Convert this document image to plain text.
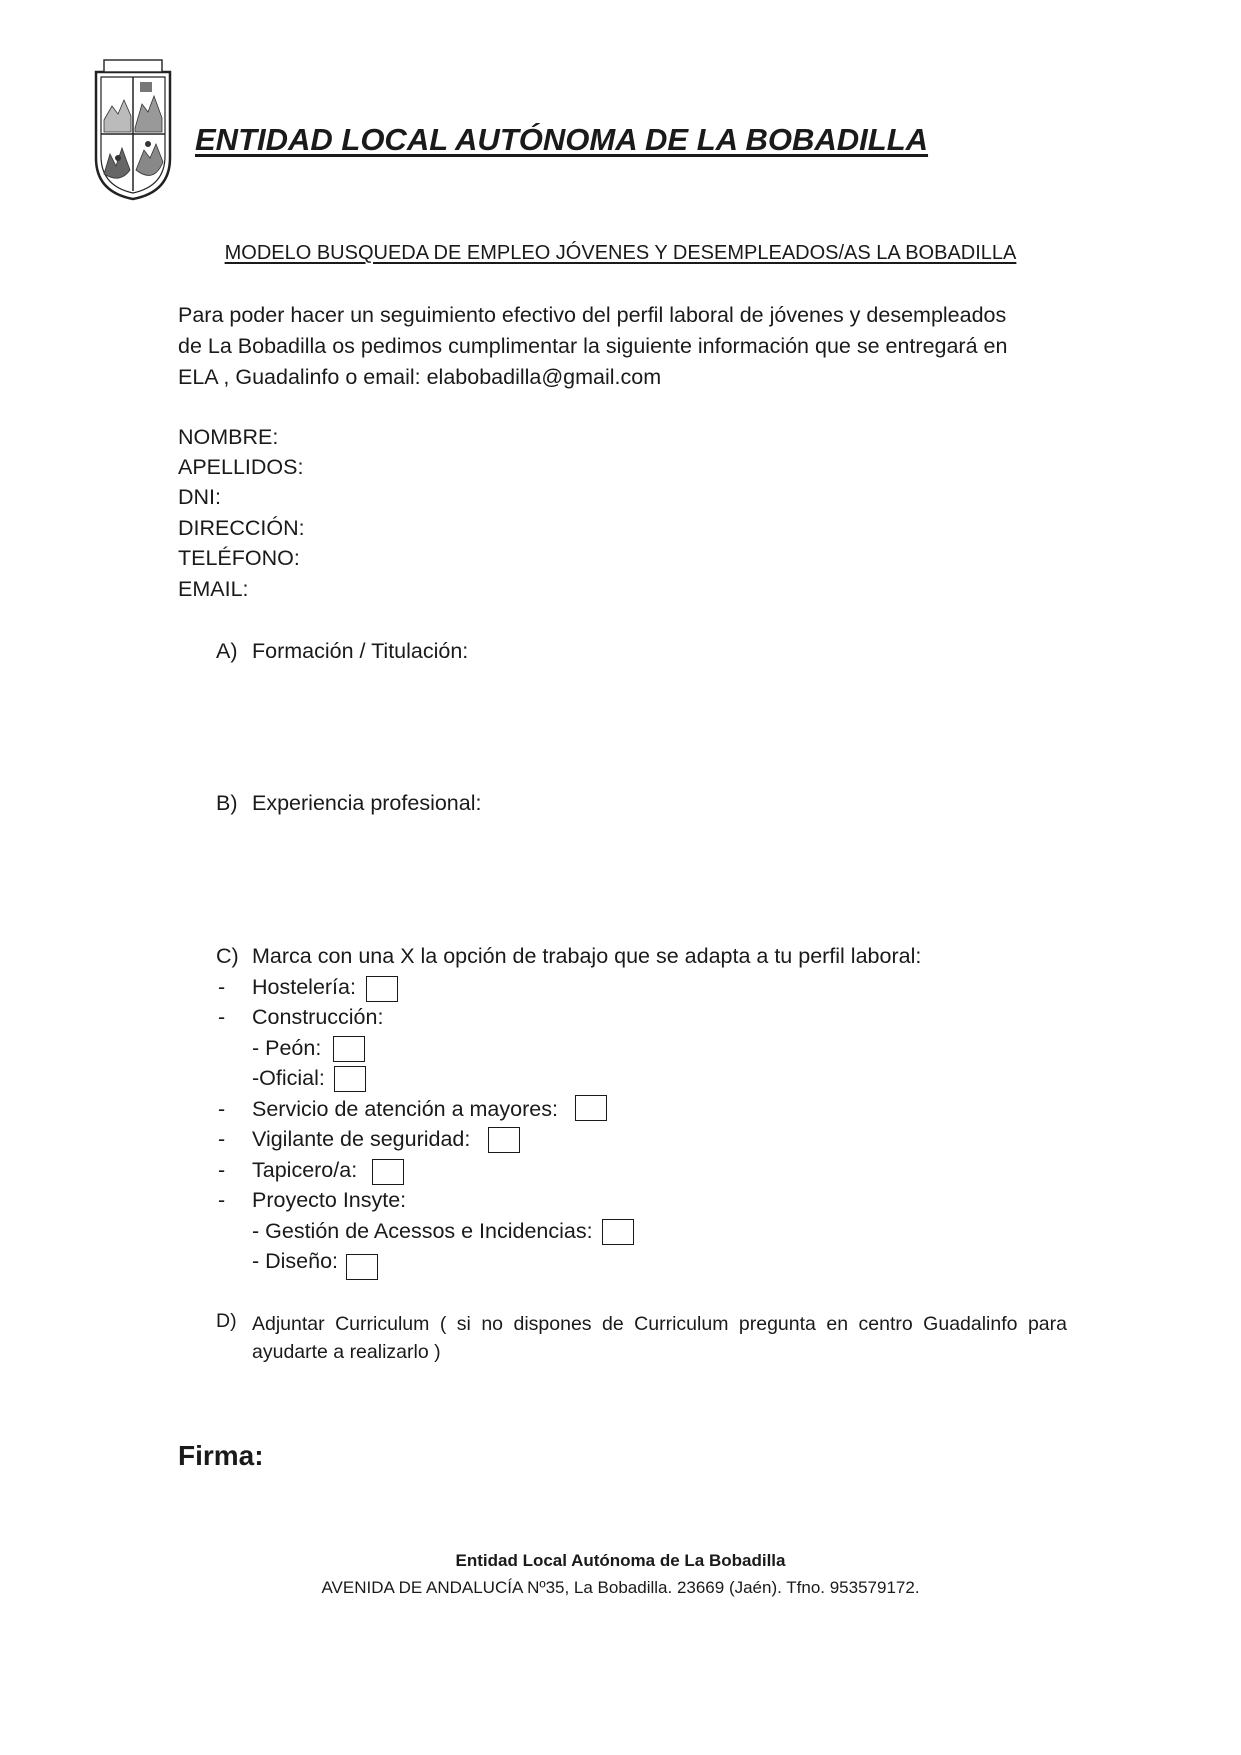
ENTIDAD LOCAL AUTÓNOMA DE LA BOBADILLA
MODELO BUSQUEDA DE EMPLEO JÓVENES Y DESEMPLEADOS/AS LA BOBADILLA

Para poder hacer un seguimiento efectivo del perfil laboral de jóvenes y desempleados

de La Bobadilla os pedimos cumplimentar la siguiente información que se entregará en

ELA , Guadalinfo o email: elabobadilla@gmail.com

NOMBRE:
APELLIDOS:
DNI:
DIRECCIÓN:
TELÉFONO:
EMAIL:
A) Formación / Titulación:
B) Experiencia profesional:
C) Marca con una X la opción de trabajo que se adapta a tu perfil laboral:
- Hostelería:
- Construcción:
- Peón:
-Oficial:
- Servicio de atención a mayores:
- Vigilante de seguridad:
- Tapicero/a:
- Proyecto Insyte:
- Gestión de Acessos e Incidencias:
- Diseño:
D) Adjuntar Curriculum ( si no dispones de Curriculum pregunta en centro Guadalinfo para ayudarte a realizarlo )
Firma:
Entidad Local Autónoma de La Bobadilla
AVENIDA DE ANDALUCÍA Nº35, La Bobadilla. 23669 (Jaén). Tfno. 953579172.
